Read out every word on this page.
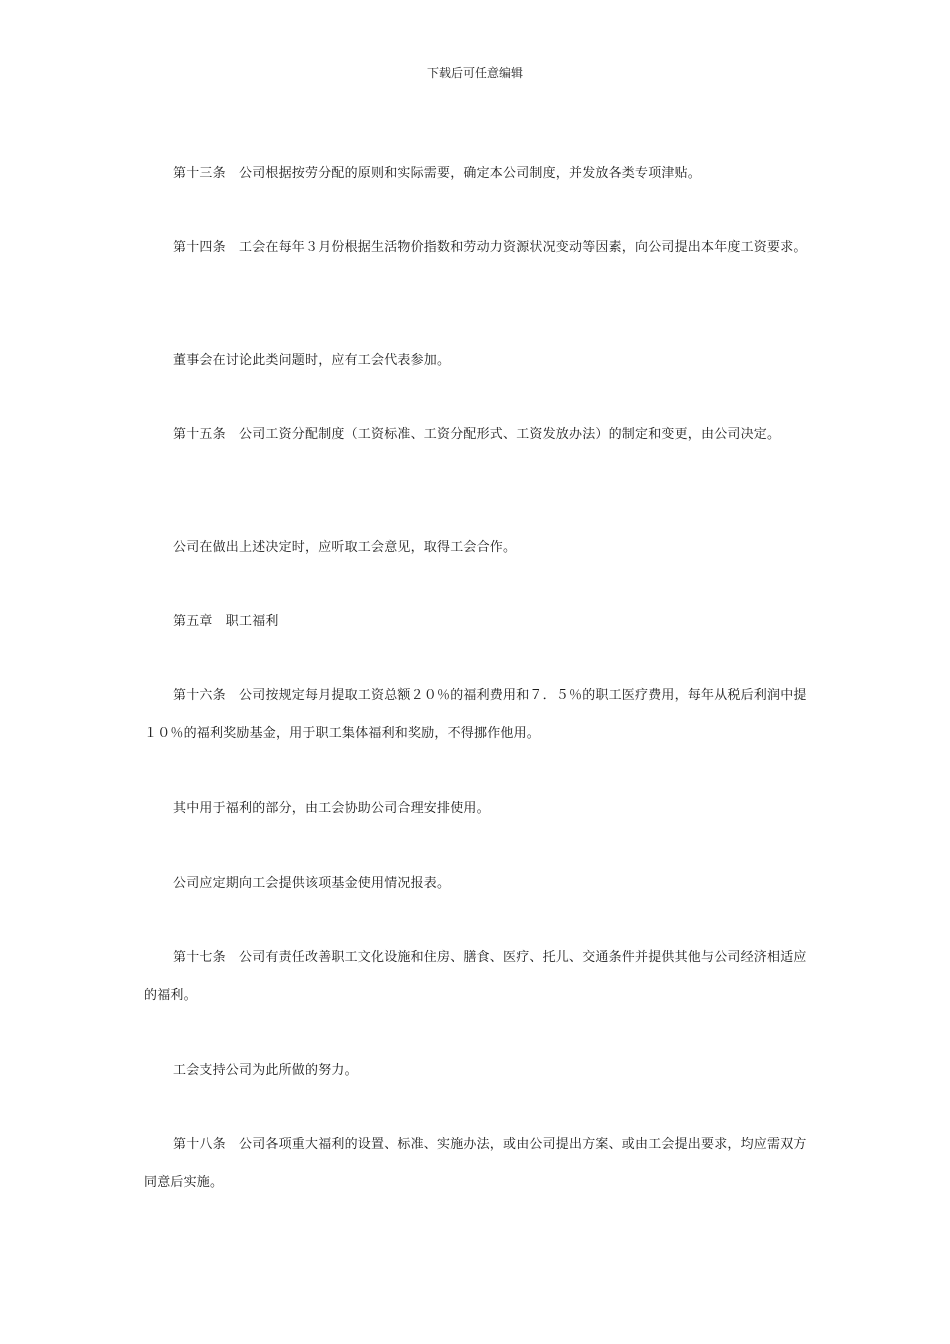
下载后可任意编辑

第十三条　公司根据按劳分配的原则和实际需要，确定本公司制度，并发放各类专项津贴。

第十四条　工会在每年３月份根据生活物价指数和劳动力资源状况变动等因素，向公司提出本年度工资要求。

董事会在讨论此类问题时，应有工会代表参加。

第十五条　公司工资分配制度（工资标准、工资分配形式、工资发放办法）的制定和变更，由公司决定。

公司在做出上述决定时，应听取工会意见，取得工会合作。

第五章　职工福利

第十六条　公司按规定每月提取工资总额２０％的福利费用和７．５％的职工医疗费用，每年从税后利润中提１０％的福利奖励基金，用于职工集体福利和奖励，不得挪作他用。

其中用于福利的部分，由工会协助公司合理安排使用。

公司应定期向工会提供该项基金使用情况报表。

第十七条　公司有责任改善职工文化设施和住房、膳食、医疗、托儿、交通条件并提供其他与公司经济相适应的福利。

工会支持公司为此所做的努力。

第十八条　公司各项重大福利的设置、标准、实施办法，或由公司提出方案、或由工会提出要求，均应需双方同意后实施。
